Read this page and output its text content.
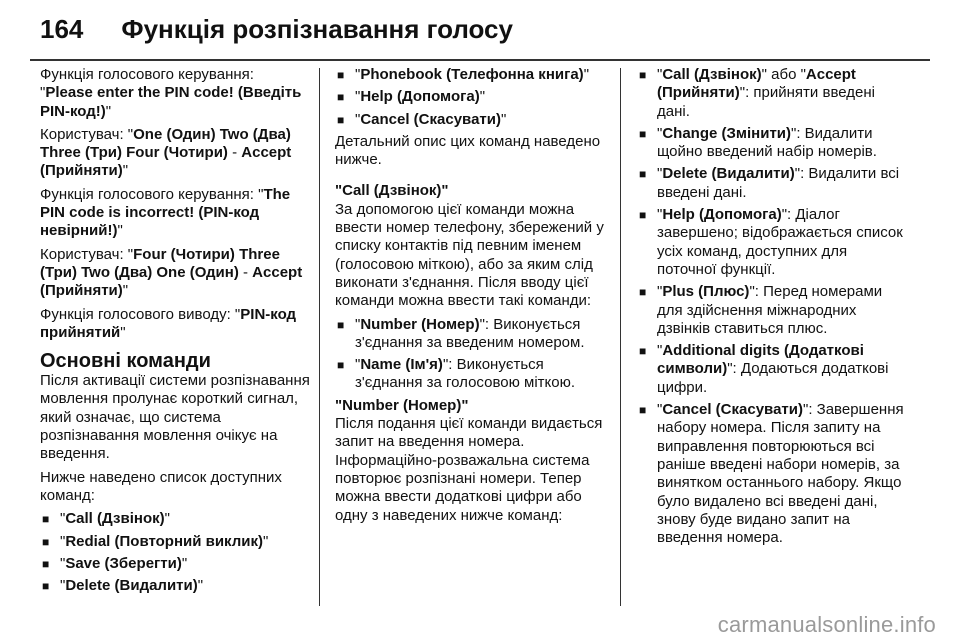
164 Функція розпізнавання голосу

Функція голосового керування: "Please enter the PIN code! (Введіть PIN-код!)"

Користувач: "One (Один) Two (Два) Three (Три) Four (Чотири) - Accept (Прийняти)"

Функція голосового керування: "The PIN code is incorrect! (PIN-код невірний!)"

Користувач: "Four (Чотири) Three (Три) Two (Два) One (Один) - Accept (Прийняти)"

Функція голосового виводу: "PIN-код прийнятий"

Основні команди

Після активації системи розпізнавання мовлення пролунає короткий сигнал, який означає, що система розпізнавання мовлення очікує на введення.

Нижче наведено список доступних команд:

■ "Call (Дзвінок)"
■ "Redial (Повторний виклик)"
■ "Save (Зберегти)"
■ "Delete (Видалити)"
■ "Phonebook (Телефонна книга)"
■ "Help (Допомога)"
■ "Cancel (Скасувати)"

Детальний опис цих команд наведено нижче.

"Call (Дзвінок)"

За допомогою цієї команди можна ввести номер телефону, збережений у списку контактів під певним іменем (голосовою міткою), або за яким слід виконати з'єднання. Після вводу цієї команди можна ввести такі команди:

■ "Number (Номер)": Виконується з'єднання за введеним номером.
■ "Name (Ім'я)": Виконується з'єднання за голосовою міткою.
"Number (Номер)"

Після подання цієї команди видається запит на введення номера. Інформаційно-розважальна система повторює розпізнані номери. Тепер можна ввести додаткові цифри або одну з наведених нижче команд:

■ "Call (Дзвінок)" або "Accept (Прийняти)": прийняти введені дані.
■ "Change (Змінити)": Видалити щойно введений набір номерів.
■ "Delete (Видалити)": Видалити всі введені дані.
■ "Help (Допомога)": Діалог завершено; відображається список усіх команд, доступних для поточної функції.
■ "Plus (Плюс)": Перед номерами для здійснення міжнародних дзвінків ставиться плюс.
■ "Additional digits (Додаткові символи)": Додаються додаткові цифри.
■ "Cancel (Скасувати)": Завершення набору номера. Після запиту на виправлення повторюються всі раніше введені набори номерів, за винятком останнього набору. Якщо було видалено всі введені дані, знову буде видано запит на введення номера.
carmanualsonline.info
